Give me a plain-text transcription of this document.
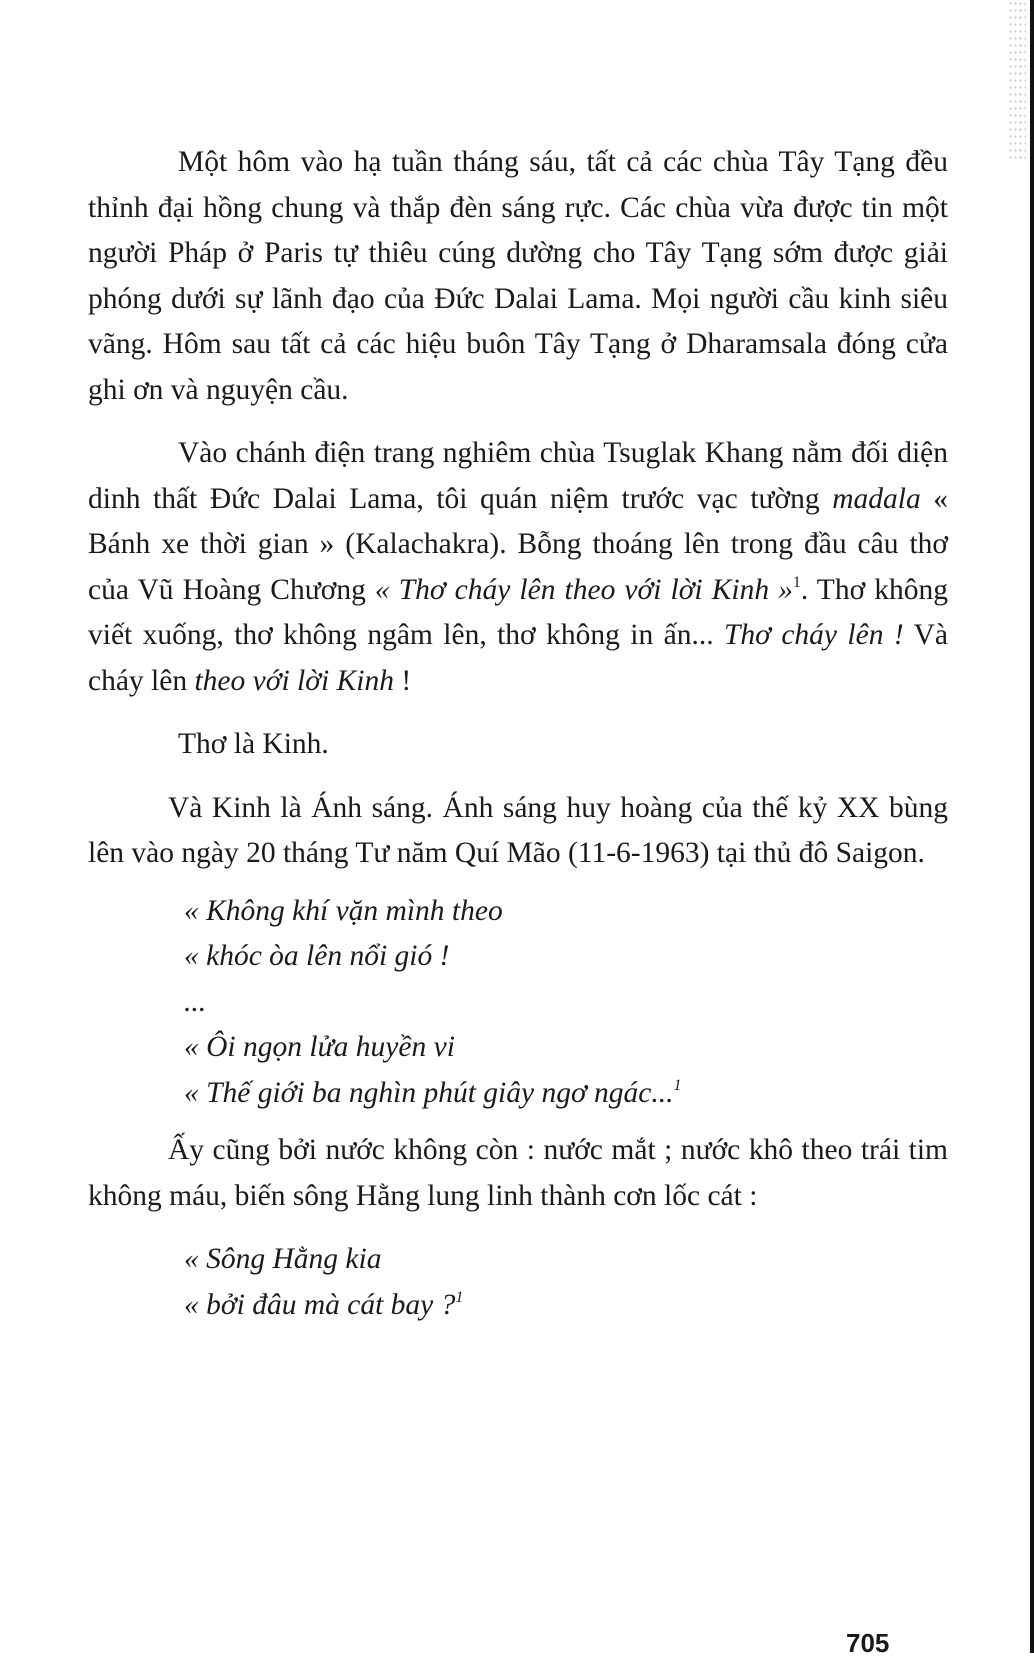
Một hôm vào hạ tuần tháng sáu, tất cả các chùa Tây Tạng đều thỉnh đại hồng chung và thắp đèn sáng rực. Các chùa vừa được tin một người Pháp ở Paris tự thiêu cúng dường cho Tây Tạng sớm được giải phóng dưới sự lãnh đạo của Đức Dalai Lama. Mọi người cầu kinh siêu vãng. Hôm sau tất cả các hiệu buôn Tây Tạng ở Dharamsala đóng cửa ghi ơn và nguyện cầu.

Vào chánh điện trang nghiêm chùa Tsuglak Khang nằm đối diện dinh thất Đức Dalai Lama, tôi quán niệm trước vạc tường madala « Bánh xe thời gian » (Kalachakra). Bỗng thoáng lên trong đầu câu thơ của Vũ Hoàng Chương « Thơ cháy lên theo với lời Kinh »$^1$. Thơ không viết xuống, thơ không ngâm lên, thơ không in ấn... Thơ cháy lên ! Và cháy lên theo với lời Kinh !

Thơ là Kinh.

Và Kinh là Ánh sáng. Ánh sáng huy hoàng của thế kỷ XX bùng lên vào ngày 20 tháng Tư năm Quí Mão (11-6-1963) tại thủ đô Saigon.

« Không khí vặn mình theo
« khóc òa lên nổi gió !
...
« Ôi ngọn lửa huyền vi
« Thế giới ba nghìn phút giây ngơ ngác...$^1$

Ấy cũng bởi nước không còn : nước mắt ; nước khô theo trái tim không máu, biến sông Hằng lung linh thành cơn lốc cát :

« Sông Hằng kia
« bởi đâu mà cát bay ?$^1$
705
